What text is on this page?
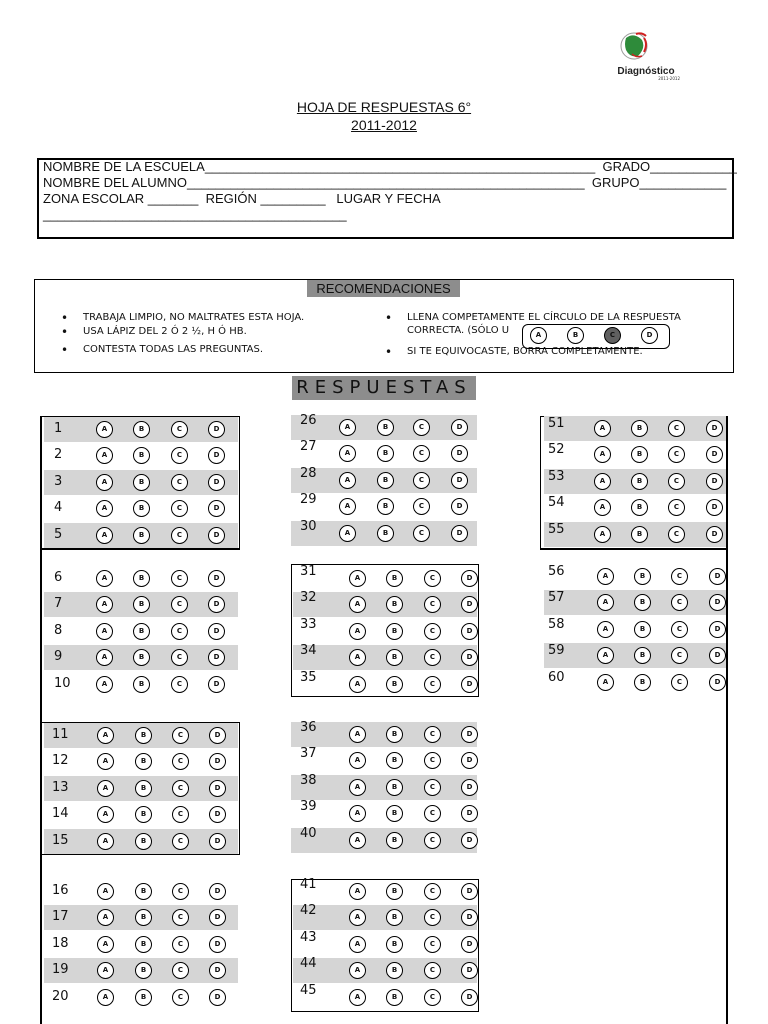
Diagnóstico
2011-2012
HOJA DE RESPUESTAS 6°
2011-2012
NOMBRE DE LA ESCUELA______________________________________________________  GRADO____________
NOMBRE DEL ALUMNO_______________________________________________________  GRUPO____________
ZONA ESCOLAR _______  REGIÓN _________   LUGAR Y FECHA
__________________________________________
RECOMENDACIONES
• TRABAJA LIMPIO, NO MALTRATES ESTA HOJA.
• USA LÁPIZ DEL 2 Ó 2 ½, H Ó HB.
• CONTESTA TODAS LAS PREGUNTAS.
• LLENA COMPETAMENTE EL CÍRCULO DE LA RESPUESTA
CORRECTA. (SÓLO U
• SI TE EQUIVOCASTE, BORRA COMPLETAMENTE.
A	B	C	D
RESPUESTAS
1	A	B	C	D
2	A	B	C	D
3	A	B	C	D
4	A	B	C	D
5	A	B	C	D
6	A	B	C	D
7	A	B	C	D
8	A	B	C	D
9	A	B	C	D
10	A	B	C	D
11	A	B	C	D
12	A	B	C	D
13	A	B	C	D
14	A	B	C	D
15	A	B	C	D
16	A	B	C	D
17	A	B	C	D
18	A	B	C	D
19	A	B	C	D
20	A	B	C	D
26	A	B	C	D
27	A	B	C	D
28	A	B	C	D
29	A	B	C	D
30	A	B	C	D
31	A	B	C	D
32	A	B	C	D
33	A	B	C	D
34	A	B	C	D
35	A	B	C	D
36	A	B	C	D
37	A	B	C	D
38	A	B	C	D
39	A	B	C	D
40	A	B	C	D
41	A	B	C	D
42	A	B	C	D
43	A	B	C	D
44	A	B	C	D
45	A	B	C	D
51	A	B	C	D
52	A	B	C	D
53	A	B	C	D
54	A	B	C	D
55	A	B	C	D
56	A	B	C	D
57	A	B	C	D
58	A	B	C	D
59	A	B	C	D
60	A	B	C	D
